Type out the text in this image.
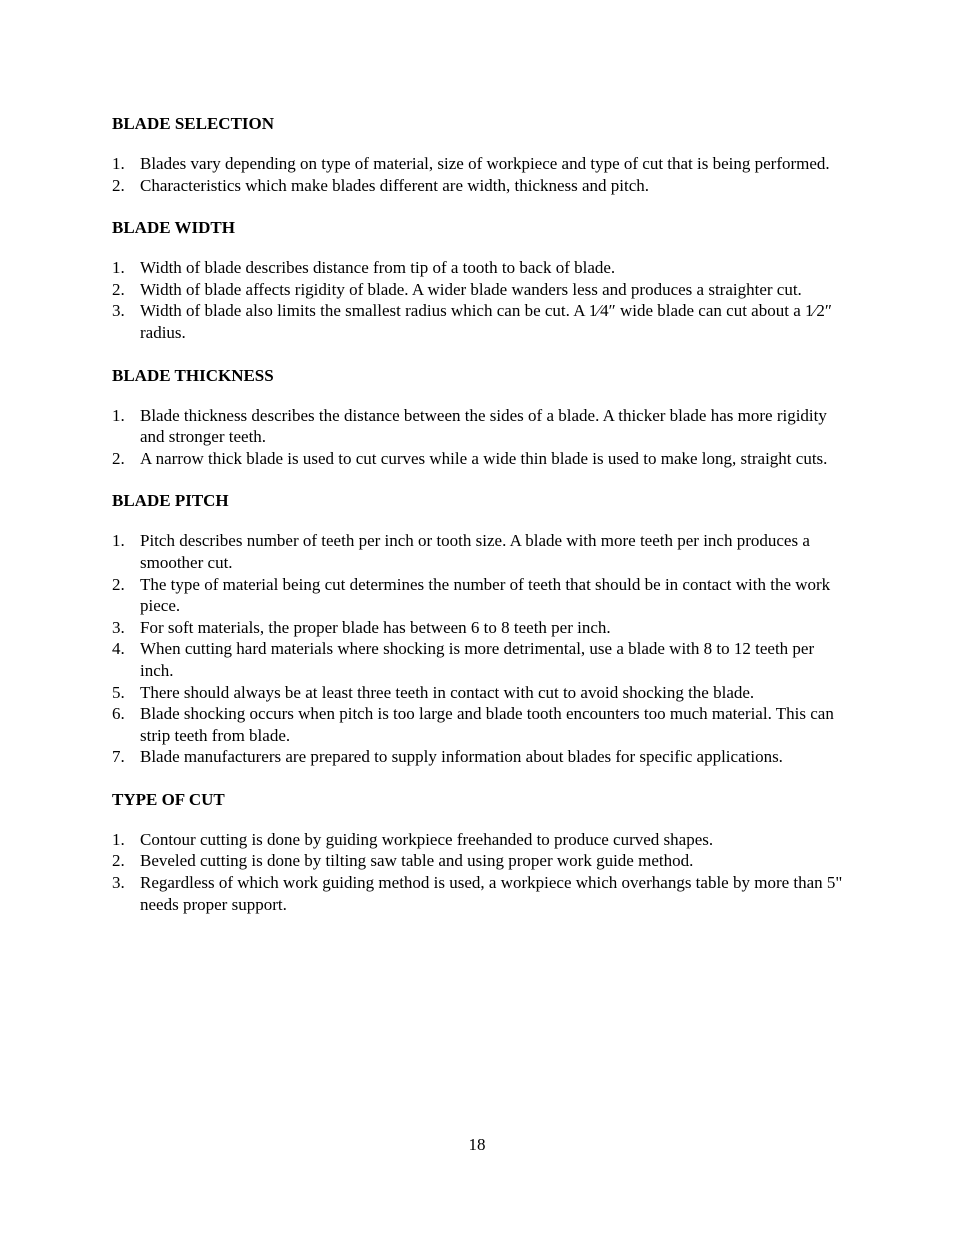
BLADE SELECTION

1. Blades vary depending on type of material, size of workpiece and type of cut that is being performed.
2. Characteristics which make blades different are width, thickness and pitch.

BLADE WIDTH

1. Width of blade describes distance from tip of a tooth to back of blade.
2. Width of blade affects rigidity of blade. A wider blade wanders less and produces a straighter cut.
3. Width of blade also limits the smallest radius which can be cut. A 1⁄4″ wide blade can cut about a 1⁄2″ radius.

BLADE THICKNESS

1. Blade thickness describes the distance between the sides of a blade. A thicker blade has more rigidity and stronger teeth.
2. A narrow thick blade is used to cut curves while a wide thin blade is used to make long, straight cuts.

BLADE PITCH

1. Pitch describes number of teeth per inch or tooth size. A blade with more teeth per inch produces a smoother cut.
2. The type of material being cut determines the number of teeth that should be in contact with the work piece.
3. For soft materials, the proper blade has between 6 to 8 teeth per inch.
4. When cutting hard materials where shocking is more detrimental, use a blade with 8 to 12 teeth per inch.
5. There should always be at least three teeth in contact with cut to avoid shocking the blade.
6. Blade shocking occurs when pitch is too large and blade tooth encounters too much material. This can strip teeth from blade.
7. Blade manufacturers are prepared to supply information about blades for specific applications.

TYPE OF CUT

1. Contour cutting is done by guiding workpiece freehanded to produce curved shapes.
2. Beveled cutting is done by tilting saw table and using proper work guide method.
3. Regardless of which work guiding method is used, a workpiece which overhangs table by more than 5" needs proper support.
18
